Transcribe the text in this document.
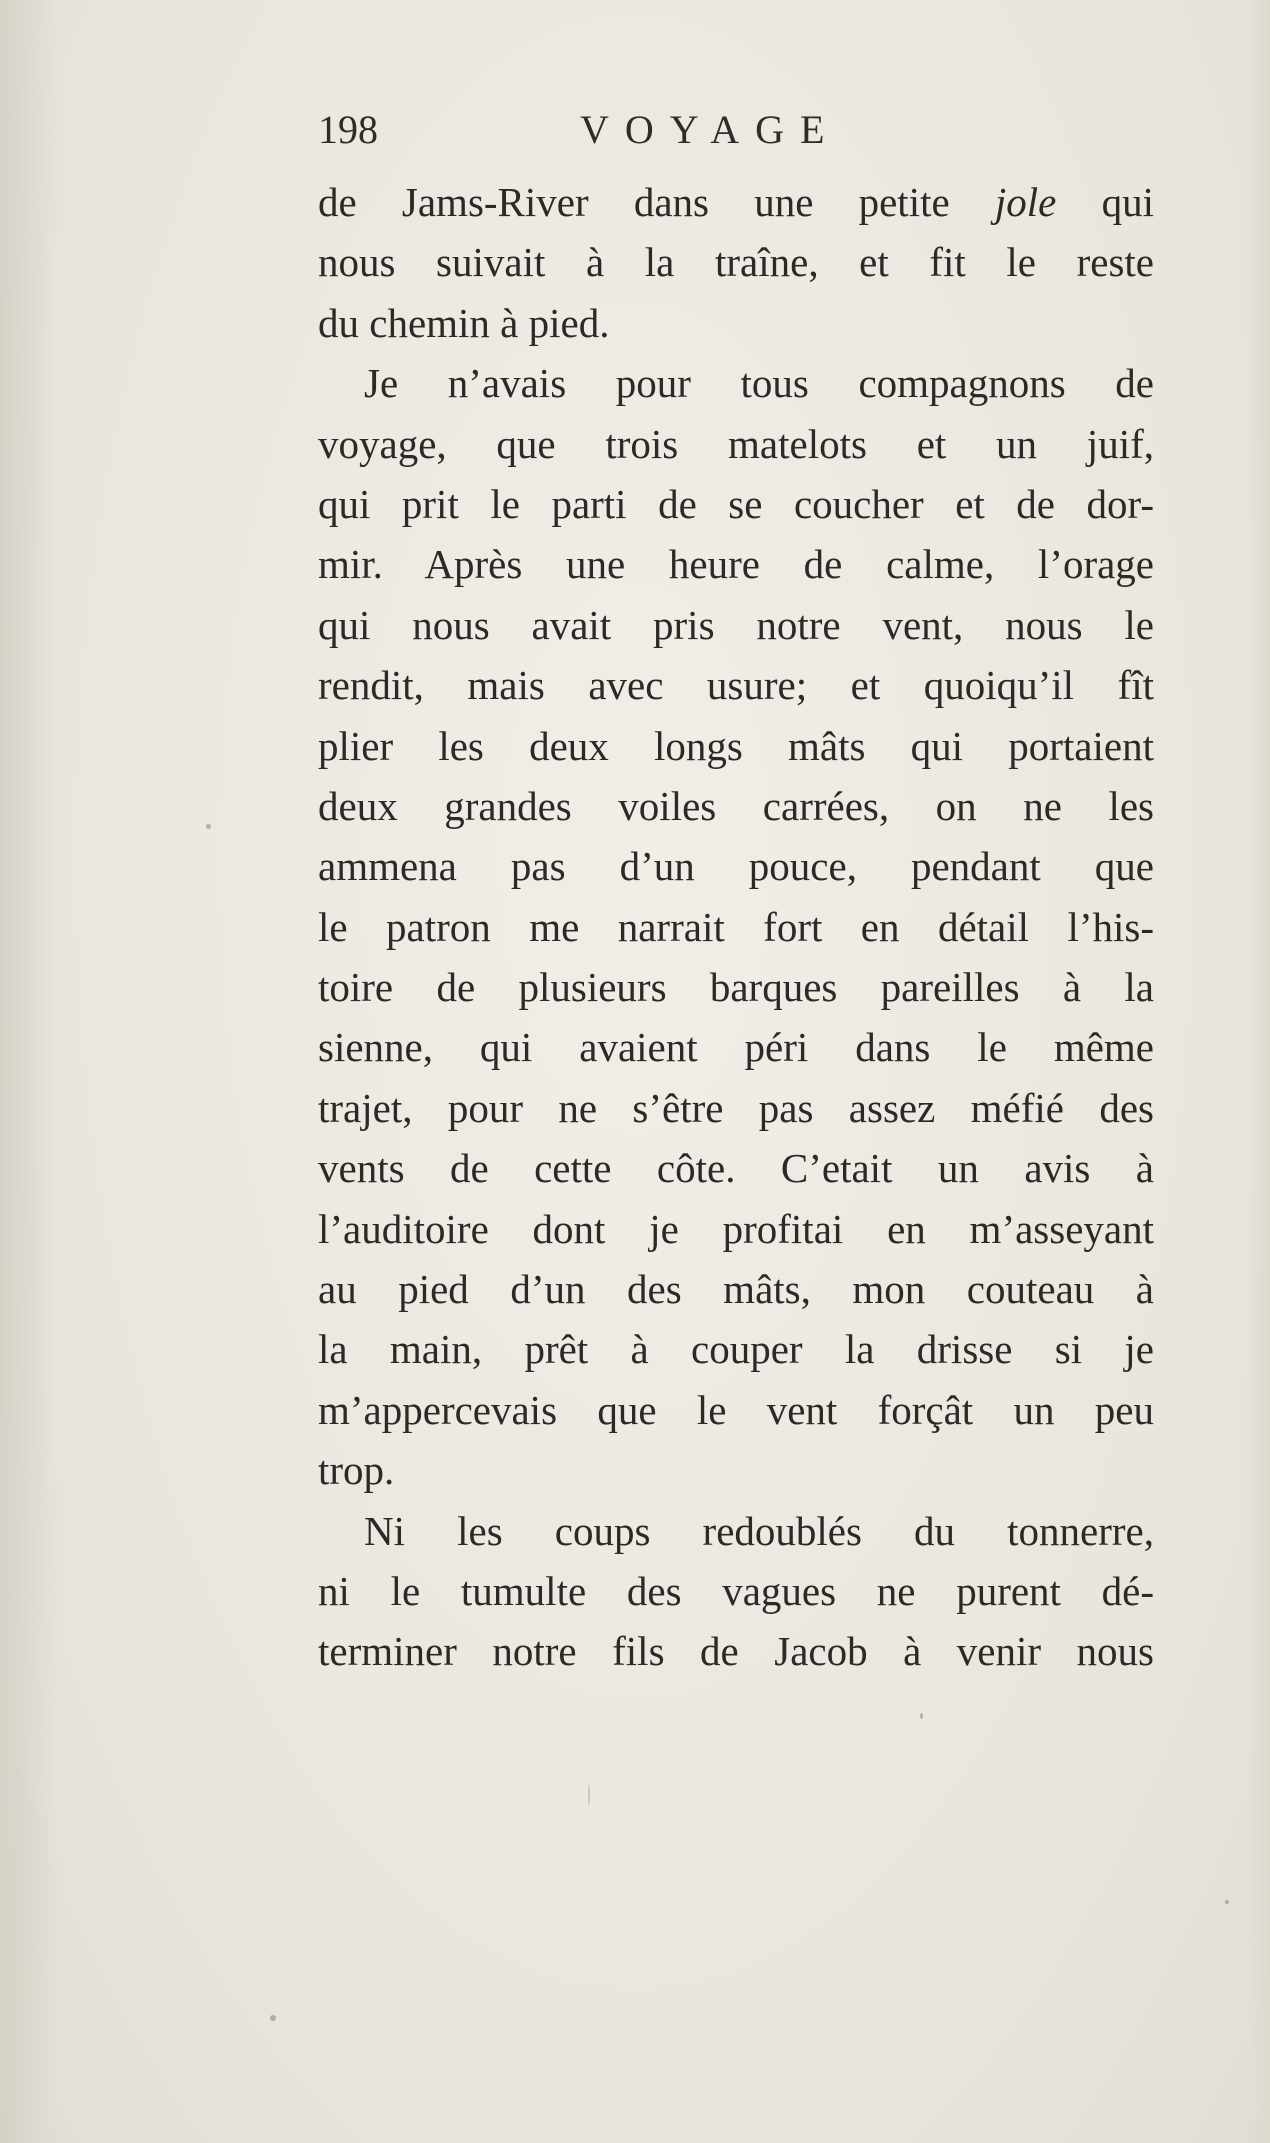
198	VOYAGE
de Jams-River dans une petite jole qui
nous suivait à la traîne, et fit le reste
du chemin à pied.
Je n’avais pour tous compagnons de
voyage, que trois matelots et un juif,
qui prit le parti de se coucher et de dor-
mir. Après une heure de calme, l’orage
qui nous avait pris notre vent, nous le
rendit, mais avec usure; et quoiqu’il fît
plier les deux longs mâts qui portaient
deux grandes voiles carrées, on ne les
ammena pas d’un pouce, pendant que
le patron me narrait fort en détail l’his-
toire de plusieurs barques pareilles à la
sienne, qui avaient péri dans le même
trajet, pour ne s’être pas assez méfié des
vents de cette côte. C’etait un avis à
l’auditoire dont je profitai en m’asseyant
au pied d’un des mâts, mon couteau à
la main, prêt à couper la drisse si je
m’appercevais que le vent forçât un peu
trop.
Ni les coups redoublés du tonnerre,
ni le tumulte des vagues ne purent dé-
terminer notre fils de Jacob à venir nous
